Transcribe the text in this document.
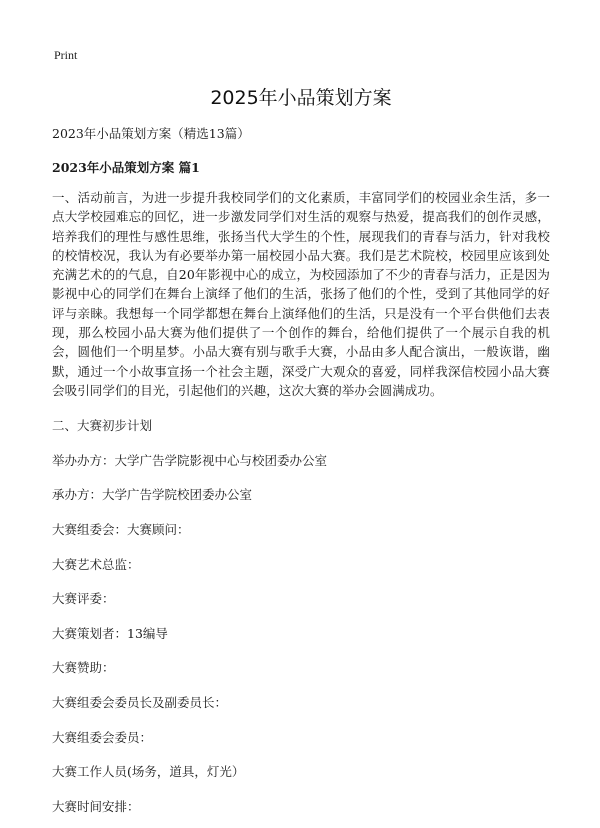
Print
2025年小品策划方案
2023年小品策划方案（精选13篇）
2023年小品策划方案 篇1

一、活动前言，为进一步提升我校同学们的文化素质，丰富同学们的校园业余生活，多一点大学校园难忘的回忆，进一步激发同学们对生活的观察与热爱，提高我们的创作灵感，培养我们的理性与感性思维，张扬当代大学生的个性，展现我们的青春与活力，针对我校的校情校况，我认为有必要举办第一届校园小品大赛。我们是艺术院校，校园里应该到处充满艺术的的气息，自20年影视中心的成立，为校园添加了不少的青春与活力，正是因为影视中心的同学们在舞台上演绎了他们的生活，张扬了他们的个性，受到了其他同学的好评与亲睐。我想每一个同学都想在舞台上演绎他们的生活，只是没有一个平台供他们去表现，那么校园小品大赛为他们提供了一个创作的舞台，给他们提供了一个展示自我的机会，圆他们一个明星梦。小品大赛有别与歌手大赛，小品由多人配合演出，一般诙谐，幽默，通过一个小故事宣扬一个社会主题，深受广大观众的喜爱，同样我深信校园小品大赛会吸引同学们的目光，引起他们的兴趣，这次大赛的举办会圆满成功。

二、大赛初步计划
举办办方：大学广告学院影视中心与校团委办公室
承办方：大学广告学院校团委办公室
大赛组委会：大赛顾问：
大赛艺术总监：
大赛评委：
大赛策划者：13编导
大赛赞助：
大赛组委会委员长及副委员长：
大赛组委会委员：
大赛工作人员(场务，道具，灯光）
大赛时间安排：
